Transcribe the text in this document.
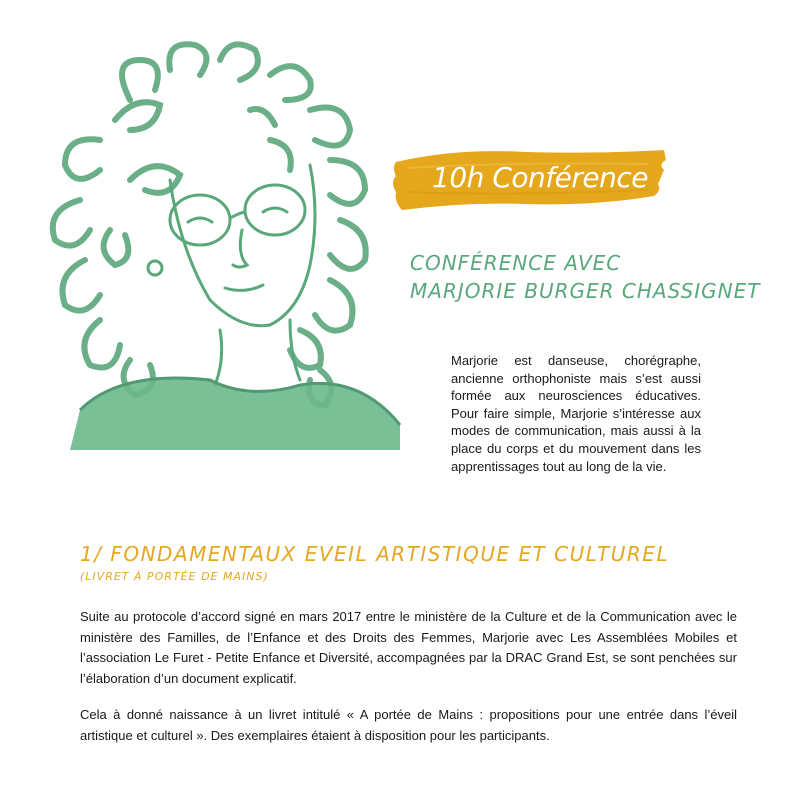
10h Conférence
CONFÉRENCE AVEC
MARJORIE BURGER CHASSIGNET
Marjorie est danseuse, chorégraphe, ancienne orthophoniste mais s’est aussi formée aux neurosciences éducatives. Pour faire simple, Marjorie s’intéresse aux modes de communication, mais aussi à la place du corps et du mouvement dans les apprentissages tout au long de la vie.
1/ FONDAMENTAUX EVEIL ARTISTIQUE ET CULTUREL
(LIVRET À PORTÉE DE MAINS)
Suite au protocole d’accord signé en mars 2017 entre le ministère de la Culture et de la Communication avec le ministère des Familles, de l’Enfance et des Droits des Femmes, Marjorie avec Les Assemblées Mobiles et l’association Le Furet - Petite Enfance et Diversité, accompagnées par la DRAC Grand Est, se sont penchées sur l’élaboration d’un document explicatif.
Cela à donné naissance à un livret intitulé « A portée de Mains : propositions pour une entrée dans l’éveil artistique et culturel ». Des exemplaires étaient à disposition pour les participants.
